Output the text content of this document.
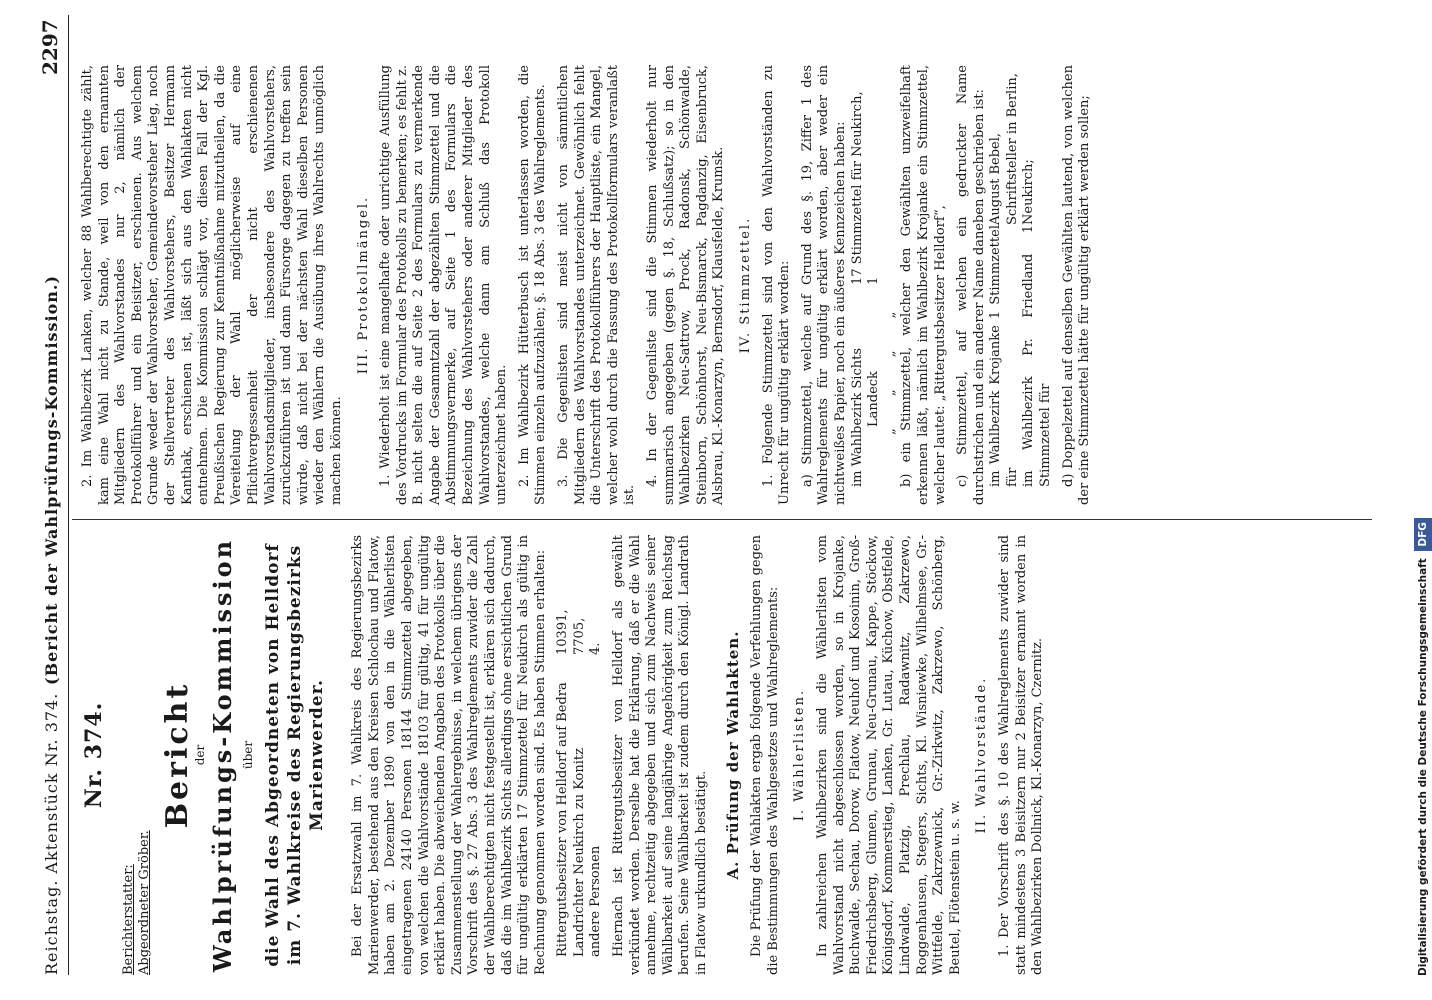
Reichstag. Aktenstück Nr. 374.
(Bericht der Wahlprüfungs-Kommission.)
2297

Nr. 374.

Berichterstatter: Abgeordneter Gröber.

Bericht

der Wahlprüfungs-Kommission über die Wahl des Abgeordneten von Helldorf im 7. Wahlkreise des Regierungsbezirks Marienwerder. Bei der Ersatzwahl im 7. Wahlkreis des Regierungsbezirks Marienwerder, bestehend aus den Kreisen Schlochau und Flatow, haben am 2. Dezember 1890 von den in die Wählerlisten eingetragenen 24140 Personen 18144 Stimmzettel abgegeben, von welchen die Wahlvorstände 18103 für gültig, 41 für ungültig erklärt haben. Die abweichenden Angaben des Protokolls über die Zusammenstellung der Wahlergebnisse, in welchem übrigens der Vorschrift des §. 27 Abs. 3 des Wahlreglements zuwider die Zahl der Wahlberechtigten nicht festgestellt ist, erklären sich dadurch, daß die im Wahlbezirk Sichts allerdings ohne ersichtlichen Grund für ungültig erklärten 17 Stimmzettel für Neukirch als gültig in Rechnung genommen worden sind. Es haben Stimmen erhalten: Rittergutsbesitzer von Helldorf auf Bedra
10391,
Landrichter Neukirch zu Konitz
7705,
andere Personen
4. Hiernach ist Rittergutsbesitzer von Helldorf als gewählt verkündet worden. Derselbe hat die Erklärung, daß er die Wahl annehme, rechtzeitig abgegeben und sich zum Nachweis seiner Wählbarkeit auf seine langjährige Angehörigkeit zum Reichstag berufen. Seine Wählbarkeit ist zudem durch den Königl. Landrath in Flatow urkundlich bestätigt. A. Prüfung der Wahlakten. Die Prüfung der Wahlakten ergab folgende Verfehlungen gegen die Bestimmungen des Wahlgesetzes und Wahlreglements: I. Wählerlisten. In zahlreichen Wahlbezirken sind die Wählerlisten vom Wahlvorstand nicht abgeschlossen worden, so in Krojanke, Buchwalde, Sechau, Dorow, Flatow, Neuhof und Kosoinin, Groß-Friedrichsberg, Glumen, Grunau, Neu-Grunau, Kappe, Stöckow, Königsdorf, Kommerstieg, Lanken, Gr. Lutau, Küchow, Obstfelde, Lindwalde, Platzig, Prechlau, Radawnitz, Zakrzewo, Roggenhausen, Stegers, Sichts, Kl. Wisniewke, Wilhelmsee, Gr.-Wittfelde, Zakrzewnick, Gr.-Zirkwitz, Zakrzewo, Schönberg, Beutel, Flötenstein u. s. w.

II. Wahlvorstände. 1. Der Vorschrift des §. 10 des Wahlreglements zuwider sind statt mindestens 3 Beisitzern nur 2 Beisitzer ernannt worden in den Wahlbezirken Dollnick, Kl.-Konarzyn, Czernitz.

2. Im Wahlbezirk Lanken, welcher 88 Wahlberechtigte zählt, kam eine Wahl nicht zu Stande, weil von den ernannten Mitgliedern des Wahlvorstandes nur 2, nämlich der Protokollführer und ein Beisitzer, erschienen. Aus welchem Grunde weder der Wahlvorsteher, Gemeindevorsteher Lieg, noch der Stellvertreter des Wahlvorstehers, Besitzer Hermann Kanthak, erschienen ist, läßt sich aus den Wahlakten nicht entnehmen. Die Kommission schlägt vor, diesen Fall der Kgl. Preußischen Regierung zur Kenntnißnahme mitzutheilen, da die Vereitelung der Wahl möglicherweise auf eine Pflichtvergessenheit der nicht erschienenen Wahlvorstandsmitglieder, insbesondere des Wahlvorstehers, zurückzuführen ist und dann Fürsorge dagegen zu treffen sein würde, daß nicht bei der nächsten Wahl dieselben Personen wieder den Wählern die Ausübung ihres Wahlrechts unmöglich machen können.

III. Protokollmängel. 1. Wiederholt ist eine mangelhafte oder unrichtige Ausfüllung des Vordrucks im Formular des Protokolls zu bemerken; es fehlt z. B. nicht selten die auf Seite 2 des Formulars zu vermerkende Angabe der Gesammtzahl der abgezählten Stimmzettel und die Abstimmungsvermerke, auf Seite 1 des Formulars die Bezeichnung des Wahlvorstehers oder anderer Mitglieder des Wahlvorstandes, welche dann am Schluß das Protokoll unterzeichnet haben. 2. Im Wahlbezirk Hütterbusch ist unterlassen worden, die Stimmen einzeln aufzuzählen; §. 18 Abs. 3 des Wahlreglements. 3. Die Gegenlisten sind meist nicht von sämmtlichen Mitgliedern des Wahlvorstandes unterzeichnet. Gewöhnlich fehlt die Unterschrift des Protokollführers der Hauptliste, ein Mangel, welcher wohl durch die Fassung des Protokollformulars veranlaßt ist.

4. In der Gegenliste sind die Stimmen wiederholt nur summarisch angegeben (gegen §. 18, Schlußsatz); so in den Wahlbezirken Neu-Sattrow, Prock, Radonsk, Schönwalde, Steinborn, Schönhorst, Neu-Bismarck, Pagdanzig, Eisenbruck, Alsbrau, Kl.-Konarzyn, Bernsdorf, Klausfelde, Krumsk. IV. Stimmzettel. 1. Folgende Stimmzettel sind von den Wahlvorständen zu Unrecht für ungültig erklärt worden: a) Stimmzettel, welche auf Grund des §. 19, Ziffer 1 des Wahlreglements für ungültig erklärt worden, aber weder ein nichtweißes Papier, noch ein äußeres Kennzeichen haben: im Wahlbezirk Sichts
17 Stimmzettel für Neukirch,
Landeck
1
„ „ „ „ b) ein Stimmzettel, welcher den Gewählten unzweifelhaft erkennen läßt, nämlich im Wahlbezirk Krojanke ein Stimmzettel, welcher lautet: „Rittergutsbesitzer Helldorf“, c) Stimmzettel, auf welchen ein gedruckter Name durchstrichen und ein anderer Name daneben geschrieben ist: im Wahlbezirk Krojanke 1 Stimmzettel für
August Bebel, Schriftsteller in Berlin,
im Wahlbezirk Pr. Friedland 1 Stimmzettel für
Neukirch;	d) Doppelzettel auf denselben Gewählten lautend, von welchen der eine Stimmzettel hätte für ungültig erklärt werden sollen;

Digitalisierung gefördert durch die Deutsche Forschungsgemeinschaft DFG
